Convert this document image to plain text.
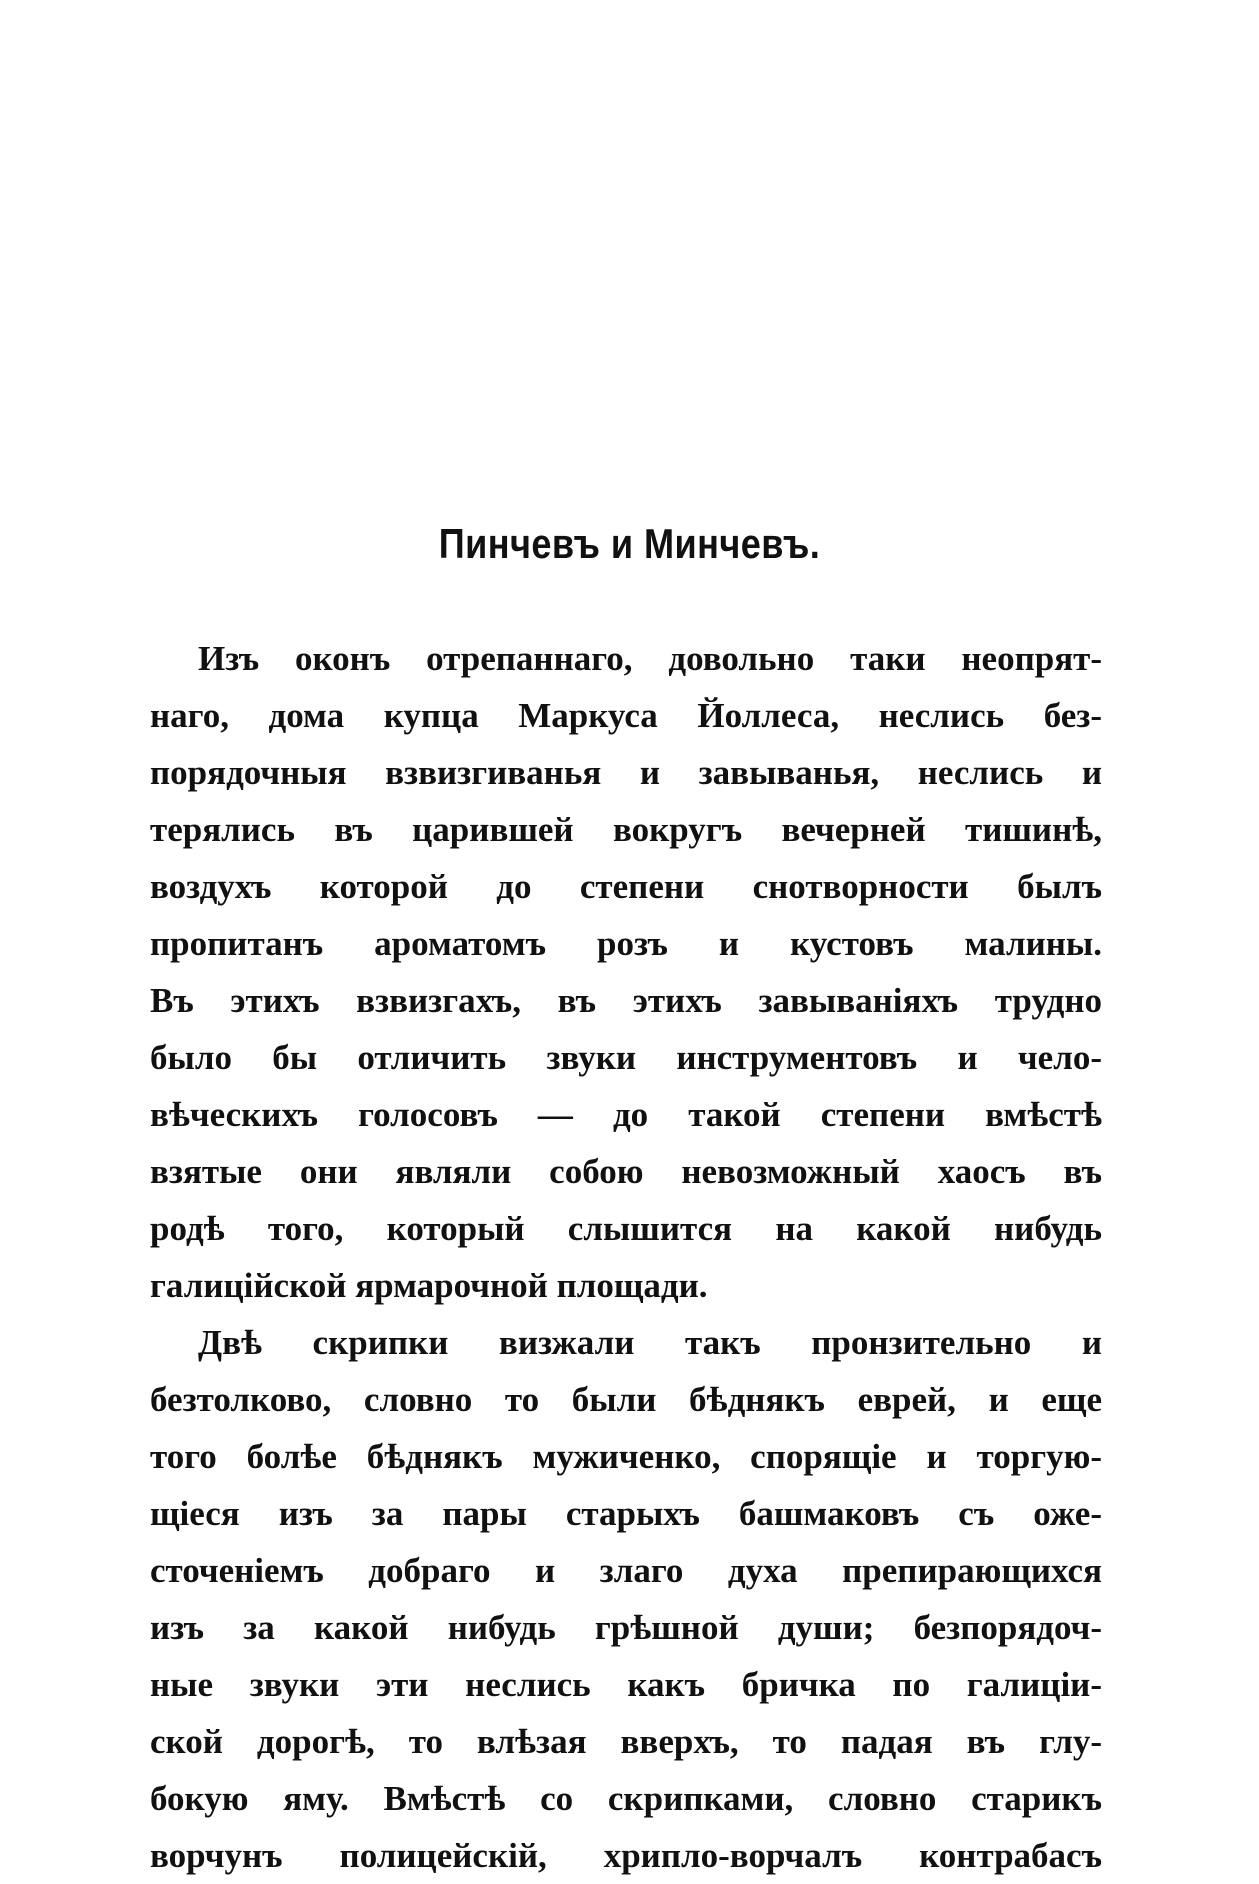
Пинчевъ и Минчевъ.
Изъ оконъ отрепаннаго, довольно таки неопрят-
наго, дома купца Маркуса Йоллеса, неслись без-
порядочныя взвизгиванья и завыванья, неслись и
терялись въ царившей вокругъ вечерней тишинѣ,
воздухъ которой до степени снотворности былъ
пропитанъ ароматомъ розъ и кустовъ малины.
Въ этихъ взвизгахъ, въ этихъ завываніяхъ трудно
было бы отличить звуки инструментовъ и чело-
вѣческихъ голосовъ — до такой степени вмѣстѣ
взятые они являли собою невозможный хаосъ въ
родѣ того, который слышится на какой нибудь
галицiйской ярмарочной площади.
Двѣ скрипки визжали такъ пронзительно и
безтолково, словно то были бѣднякъ еврей, и еще
того болѣе бѣднякъ мужиченко, спорящіе и торгую-
щіеся изъ за пары старыхъ башмаковъ съ оже-
сточеніемъ добраго и злаго духа препирающихся
изъ за какой нибудь грѣшной души; безпорядоч-
ные звуки эти неслись какъ бричка по галиціи-
ской дорогѣ, то влѣзая вверхъ, то падая въ глу-
бокую яму. Вмѣстѣ со скрипками, словно старикъ
ворчунъ полицейскій, хрипло-ворчалъ контрабасъ
